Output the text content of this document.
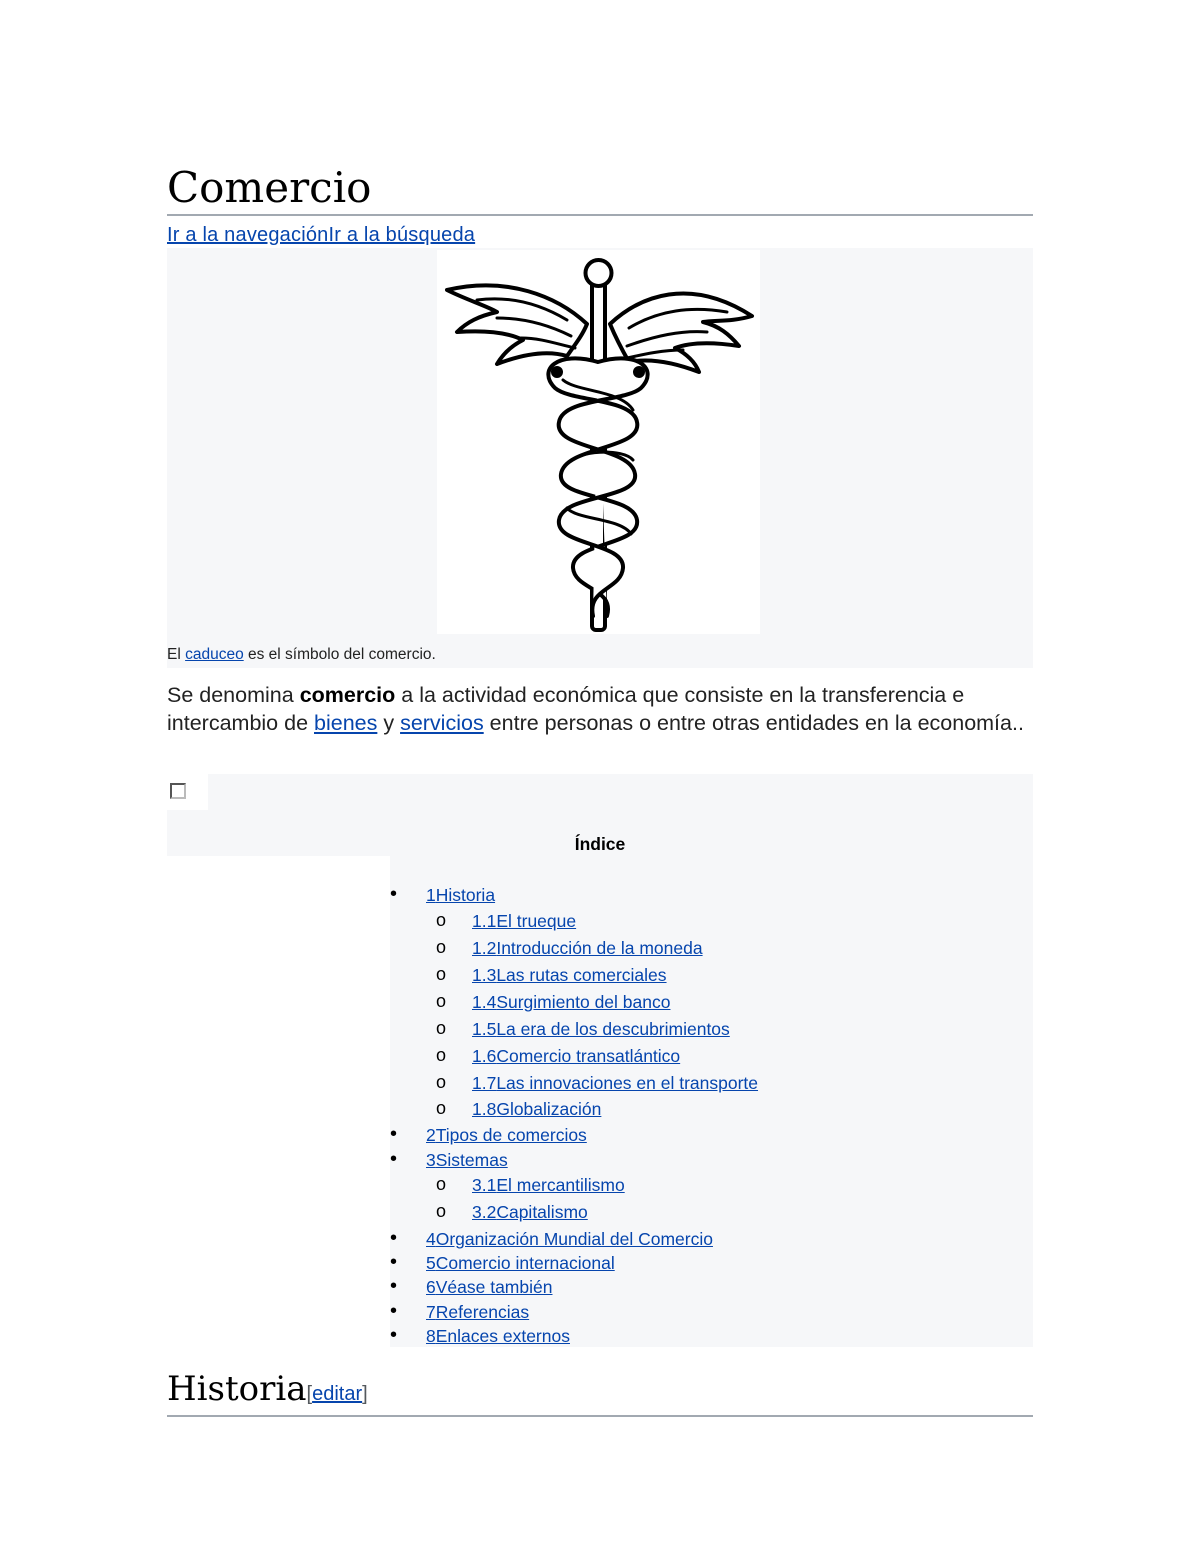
Comercio
Ir a la navegaciónIr a la búsqueda
El caduceo es el símbolo del comercio.

Se denomina comercio a la actividad económica que consiste en la transferencia e intercambio de bienes y servicios entre personas o entre otras entidades en la economía..

Índice
• 1Historia
o 1.1El trueque
o 1.2Introducción de la moneda
o 1.3Las rutas comerciales
o 1.4Surgimiento del banco
o 1.5La era de los descubrimientos
o 1.6Comercio transatlántico
o 1.7Las innovaciones en el transporte
o 1.8Globalización
• 2Tipos de comercios
• 3Sistemas
o 3.1El mercantilismo
o 3.2Capitalismo
• 4Organización Mundial del Comercio
• 5Comercio internacional
• 6Véase también
• 7Referencias
• 8Enlaces externos
Historia[editar]
